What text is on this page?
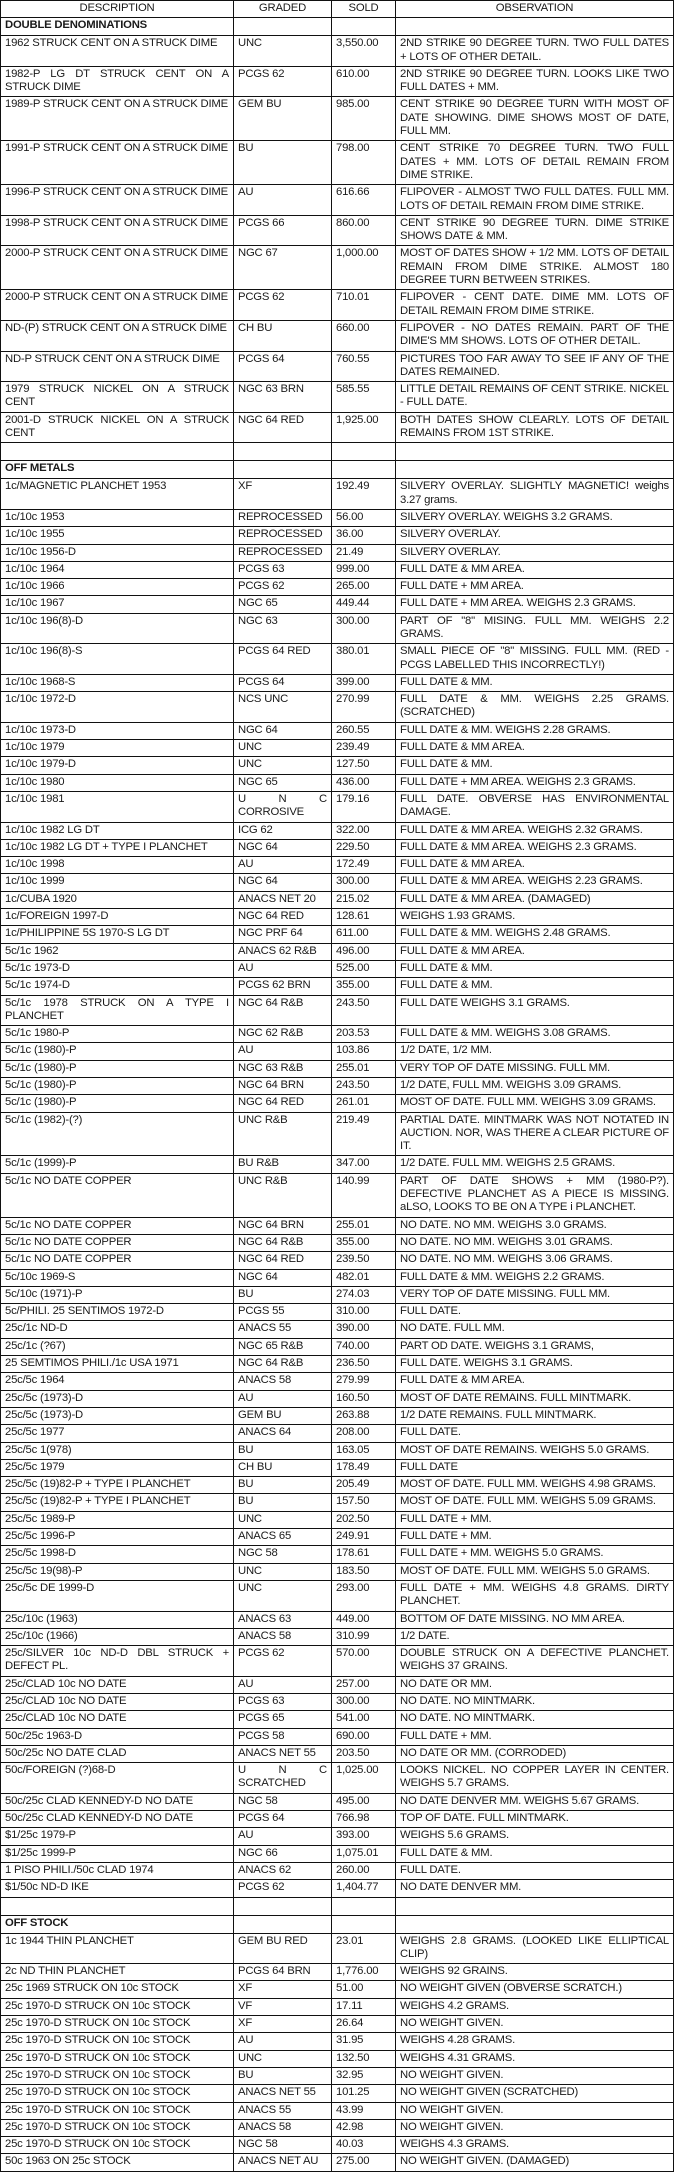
DESCRIPTION	GRADED	SOLD	OBSERVATION
DOUBLE DENOMINATIONS			
1962 STRUCK CENT ON A STRUCK DIME	UNC	3,550.00	2ND STRIKE 90 DEGREE TURN. TWO FULL DATES + LOTS OF OTHER DETAIL.
1982-P LG DT STRUCK CENT ON A STRUCK DIME	PCGS 62	610.00	2ND STRIKE 90 DEGREE TURN. LOOKS LIKE TWO FULL DATES + MM.
1989-P STRUCK CENT ON A STRUCK DIME	GEM BU	985.00	CENT STRIKE 90 DEGREE TURN WITH MOST OF DATE SHOWING. DIME SHOWS MOST OF DATE, FULL MM.
1991-P STRUCK CENT ON A STRUCK DIME	BU	798.00	CENT STRIKE 70 DEGREE TURN. TWO FULL DATES + MM. LOTS OF DETAIL REMAIN FROM DIME STRIKE.
1996-P STRUCK CENT ON A STRUCK DIME	AU	616.66	FLIPOVER - ALMOST TWO FULL DATES. FULL MM. LOTS OF DETAIL REMAIN FROM DIME STRIKE.
1998-P STRUCK CENT ON A STRUCK DIME	PCGS 66	860.00	CENT STRIKE 90 DEGREE TURN. DIME STRIKE SHOWS DATE & MM.
2000-P STRUCK CENT ON A STRUCK DIME	NGC 67	1,000.00	MOST OF DATES SHOW + 1/2 MM. LOTS OF DETAIL REMAIN FROM DIME STRIKE. ALMOST 180 DEGREE TURN BETWEEN STRIKES.
2000-P STRUCK CENT ON A STRUCK DIME	PCGS 62	710.01	FLIPOVER - CENT DATE. DIME MM. LOTS OF DETAIL REMAIN FROM DIME STRIKE.
ND-(P) STRUCK CENT ON A STRUCK DIME	CH BU	660.00	FLIPOVER - NO DATES REMAIN. PART OF THE DIME'S MM SHOWS. LOTS OF OTHER DETAIL.
ND-P STRUCK CENT ON A STRUCK DIME	PCGS 64	760.55	PICTURES TOO FAR AWAY TO SEE IF ANY OF THE DATES REMAINED.
1979 STRUCK NICKEL ON A STRUCK CENT	NGC 63 BRN	585.55	LITTLE DETAIL REMAINS OF CENT STRIKE. NICKEL - FULL DATE.
2001-D STRUCK NICKEL ON A STRUCK CENT	NGC 64 RED	1,925.00	BOTH DATES SHOW CLEARLY. LOTS OF DETAIL REMAINS FROM 1ST STRIKE.

OFF METALS			
1c/MAGNETIC PLANCHET 1953	XF	192.49	SILVERY OVERLAY. SLIGHTLY MAGNETIC! weighs 3.27 grams.
1c/10c 1953	REPROCESSED	56.00	SILVERY OVERLAY. WEIGHS 3.2 GRAMS.
1c/10c 1955	REPROCESSED	36.00	SILVERY OVERLAY.
1c/10c 1956-D	REPROCESSED	21.49	SILVERY OVERLAY.
1c/10c 1964	PCGS 63	999.00	FULL DATE & MM AREA.
1c/10c 1966	PCGS 62	265.00	FULL DATE + MM AREA.
1c/10c 1967	NGC 65	449.44	FULL DATE + MM AREA. WEIGHS 2.3 GRAMS.
1c/10c 196(8)-D	NGC 63	300.00	PART OF "8" MISING. FULL MM. WEIGHS 2.2 GRAMS.
1c/10c 196(8)-S	PCGS 64 RED	380.01	SMALL PIECE OF "8" MISSING. FULL MM. (RED - PCGS LABELLED THIS INCORRECTLY!)
1c/10c 1968-S	PCGS 64	399.00	FULL DATE & MM.
1c/10c 1972-D	NCS UNC	270.99	FULL DATE & MM. WEIGHS 2.25 GRAMS. (SCRATCHED)
1c/10c 1973-D	NGC 64	260.55	FULL DATE & MM. WEIGHS 2.28 GRAMS.
1c/10c 1979	UNC	239.49	FULL DATE & MM AREA.
1c/10c 1979-D	UNC	127.50	FULL DATE & MM.
1c/10c 1980	NGC 65	436.00	FULL DATE + MM AREA. WEIGHS 2.3 GRAMS.
1c/10c 1981	U N C CORROSIVE	179.16	FULL DATE. OBVERSE HAS ENVIRONMENTAL DAMAGE.
1c/10c 1982 LG DT	ICG 62	322.00	FULL DATE & MM AREA. WEIGHS 2.32 GRAMS.
1c/10c 1982 LG DT + TYPE I PLANCHET	NGC 64	229.50	FULL DATE & MM AREA. WEIGHS 2.3 GRAMS.
1c/10c 1998	AU	172.49	FULL DATE & MM AREA.
1c/10c 1999	NGC 64	300.00	FULL DATE & MM AREA. WEIGHS 2.23 GRAMS.
1c/CUBA 1920	ANACS NET 20	215.02	FULL DATE & MM AREA. (DAMAGED)
1c/FOREIGN 1997-D	NGC 64 RED	128.61	WEIGHS 1.93 GRAMS.
1c/PHILIPPINE 5S 1970-S LG DT	NGC PRF 64	611.00	FULL DATE & MM. WEIGHS 2.48 GRAMS.
5c/1c 1962	ANACS 62 R&B	496.00	FULL DATE & MM AREA.
5c/1c 1973-D	AU	525.00	FULL DATE & MM.
5c/1c 1974-D	PCGS 62 BRN	355.00	FULL DATE & MM.
5c/1c 1978 STRUCK ON A TYPE I PLANCHET	NGC 64 R&B	243.50	FULL DATE WEIGHS 3.1 GRAMS.
5c/1c 1980-P	NGC 62 R&B	203.53	FULL DATE & MM. WEIGHS 3.08 GRAMS.
5c/1c (1980)-P	AU	103.86	1/2 DATE, 1/2 MM.
5c/1c (1980)-P	NGC 63 R&B	255.01	VERY TOP OF DATE MISSING. FULL MM.
5c/1c (1980)-P	NGC 64 BRN	243.50	1/2 DATE, FULL MM. WEIGHS 3.09 GRAMS.
5c/1c (1980)-P	NGC 64 RED	261.01	MOST OF DATE. FULL MM. WEIGHS 3.09 GRAMS.
5c/1c (1982)-(?)	UNC R&B	219.49	PARTIAL DATE. MINTMARK WAS NOT NOTATED IN AUCTION. NOR, WAS THERE A CLEAR PICTURE OF IT.
5c/1c (1999)-P	BU R&B	347.00	1/2 DATE. FULL MM. WEIGHS 2.5 GRAMS.
5c/1c NO DATE COPPER	UNC R&B	140.99	PART OF DATE SHOWS + MM (1980-P?). DEFECTIVE PLANCHET AS A PIECE IS MISSING. aLSO, LOOKS TO BE ON A TYPE i PLANCHET.
5c/1c NO DATE COPPER	NGC 64 BRN	255.01	NO DATE. NO MM. WEIGHS 3.0 GRAMS.
5c/1c NO DATE COPPER	NGC 64 R&B	355.00	NO DATE. NO MM. WEIGHS 3.01 GRAMS.
5c/1c NO DATE COPPER	NGC 64 RED	239.50	NO DATE. NO MM. WEIGHS 3.06 GRAMS.
5c/10c 1969-S	NGC 64	482.01	FULL DATE & MM. WEIGHS 2.2 GRAMS.
5c/10c (1971)-P	BU	274.03	VERY TOP OF DATE MISSING. FULL MM.
5c/PHILI. 25 SENTIMOS 1972-D	PCGS 55	310.00	FULL DATE.
25c/1c ND-D	ANACS 55	390.00	NO DATE. FULL MM.
25c/1c (?67)	NGC 65 R&B	740.00	PART OD DATE. WEIGHS 3.1 GRAMS,
25 SEMTIMOS PHILI./1c USA 1971	NGC 64 R&B	236.50	FULL DATE. WEIGHS 3.1 GRAMS.
25c/5c 1964	ANACS 58	279.99	FULL DATE & MM AREA.
25c/5c (1973)-D	AU	160.50	MOST OF DATE REMAINS. FULL MINTMARK.
25c/5c (1973)-D	GEM BU	263.88	1/2 DATE REMAINS. FULL MINTMARK.
25c/5c 1977	ANACS 64	208.00	FULL DATE.
25c/5c 1(978)	BU	163.05	MOST OF DATE REMAINS. WEIGHS 5.0 GRAMS.
25c/5c 1979	CH BU	178.49	FULL DATE
25c/5c (19)82-P + TYPE I PLANCHET	BU	205.49	MOST OF DATE. FULL MM. WEIGHS 4.98 GRAMS.
25c/5c (19)82-P + TYPE I PLANCHET	BU	157.50	MOST OF DATE. FULL MM. WEIGHS 5.09 GRAMS.
25c/5c 1989-P	UNC	202.50	FULL DATE + MM.
25c/5c 1996-P	ANACS 65	249.91	FULL DATE + MM.
25c/5c 1998-D	NGC 58	178.61	FULL DATE + MM. WEIGHS 5.0 GRAMS.
25c/5c 19(98)-P	UNC	183.50	MOST OF DATE. FULL MM. WEIGHS 5.0 GRAMS.
25c/5c DE 1999-D	UNC	293.00	FULL DATE + MM. WEIGHS 4.8 GRAMS. DIRTY PLANCHET.
25c/10c (1963)	ANACS 63	449.00	BOTTOM OF DATE MISSING. NO MM AREA.
25c/10c (1966)	ANACS 58	310.99	1/2 DATE.
25c/SILVER 10c ND-D DBL STRUCK + DEFECT PL.	PCGS 62	570.00	DOUBLE STRUCK ON A DEFECTIVE PLANCHET. WEIGHS 37 GRAINS.
25c/CLAD 10c NO DATE	AU	257.00	NO DATE OR MM.
25c/CLAD 10c NO DATE	PCGS 63	300.00	NO DATE. NO MINTMARK.
25c/CLAD 10c NO DATE	PCGS 65	541.00	NO DATE. NO MINTMARK.
50c/25c 1963-D	PCGS 58	690.00	FULL DATE + MM.
50c/25c NO DATE CLAD	ANACS NET 55	203.50	NO DATE OR MM. (CORRODED)
50c/FOREIGN (?)68-D	U N C SCRATCHED	1,025.00	LOOKS NICKEL. NO COPPER LAYER IN CENTER. WEIGHS 5.7 GRAMS.
50c/25c CLAD KENNEDY-D NO DATE	NGC 58	495.00	NO DATE DENVER MM. WEIGHS 5.67 GRAMS.
50c/25c CLAD KENNEDY-D NO DATE	PCGS 64	766.98	TOP OF DATE. FULL MINTMARK.
$1/25c 1979-P	AU	393.00	WEIGHS 5.6 GRAMS.
$1/25c 1999-P	NGC 66	1,075.01	FULL DATE & MM.
1 PISO PHILI./50c CLAD 1974	ANACS 62	260.00	FULL DATE.
$1/50c ND-D IKE	PCGS 62	1,404.77	NO DATE DENVER MM.

OFF STOCK			
1c 1944 THIN PLANCHET	GEM BU RED	23.01	WEIGHS 2.8 GRAMS. (LOOKED LIKE ELLIPTICAL CLIP)
2c ND THIN PLANCHET	PCGS 64 BRN	1,776.00	WEIGHS 92 GRAINS.
25c 1969 STRUCK ON 10c STOCK	XF	51.00	NO WEIGHT GIVEN (OBVERSE SCRATCH.)
25c 1970-D STRUCK ON 10c STOCK	VF	17.11	WEIGHS 4.2 GRAMS.
25c 1970-D STRUCK ON 10c STOCK	XF	26.64	NO WEIGHT GIVEN.
25c 1970-D STRUCK ON 10c STOCK	AU	31.95	WEIGHS 4.28 GRAMS.
25c 1970-D STRUCK ON 10c STOCK	UNC	132.50	WEIGHS 4.31 GRAMS.
25c 1970-D STRUCK ON 10c STOCK	BU	32.95	NO WEIGHT GIVEN.
25c 1970-D STRUCK ON 10c STOCK	ANACS NET 55	101.25	NO WEIGHT GIVEN (SCRATCHED)
25c 1970-D STRUCK ON 10c STOCK	ANACS 55	43.99	NO WEIGHT GIVEN.
25c 1970-D STRUCK ON 10c STOCK	ANACS 58	42.98	NO WEIGHT GIVEN.
25c 1970-D STRUCK ON 10c STOCK	NGC 58	40.03	WEIGHS 4.3 GRAMS.
50c 1963 ON 25c STOCK	ANACS NET AU	275.00	NO WEIGHT GIVEN. (DAMAGED)
